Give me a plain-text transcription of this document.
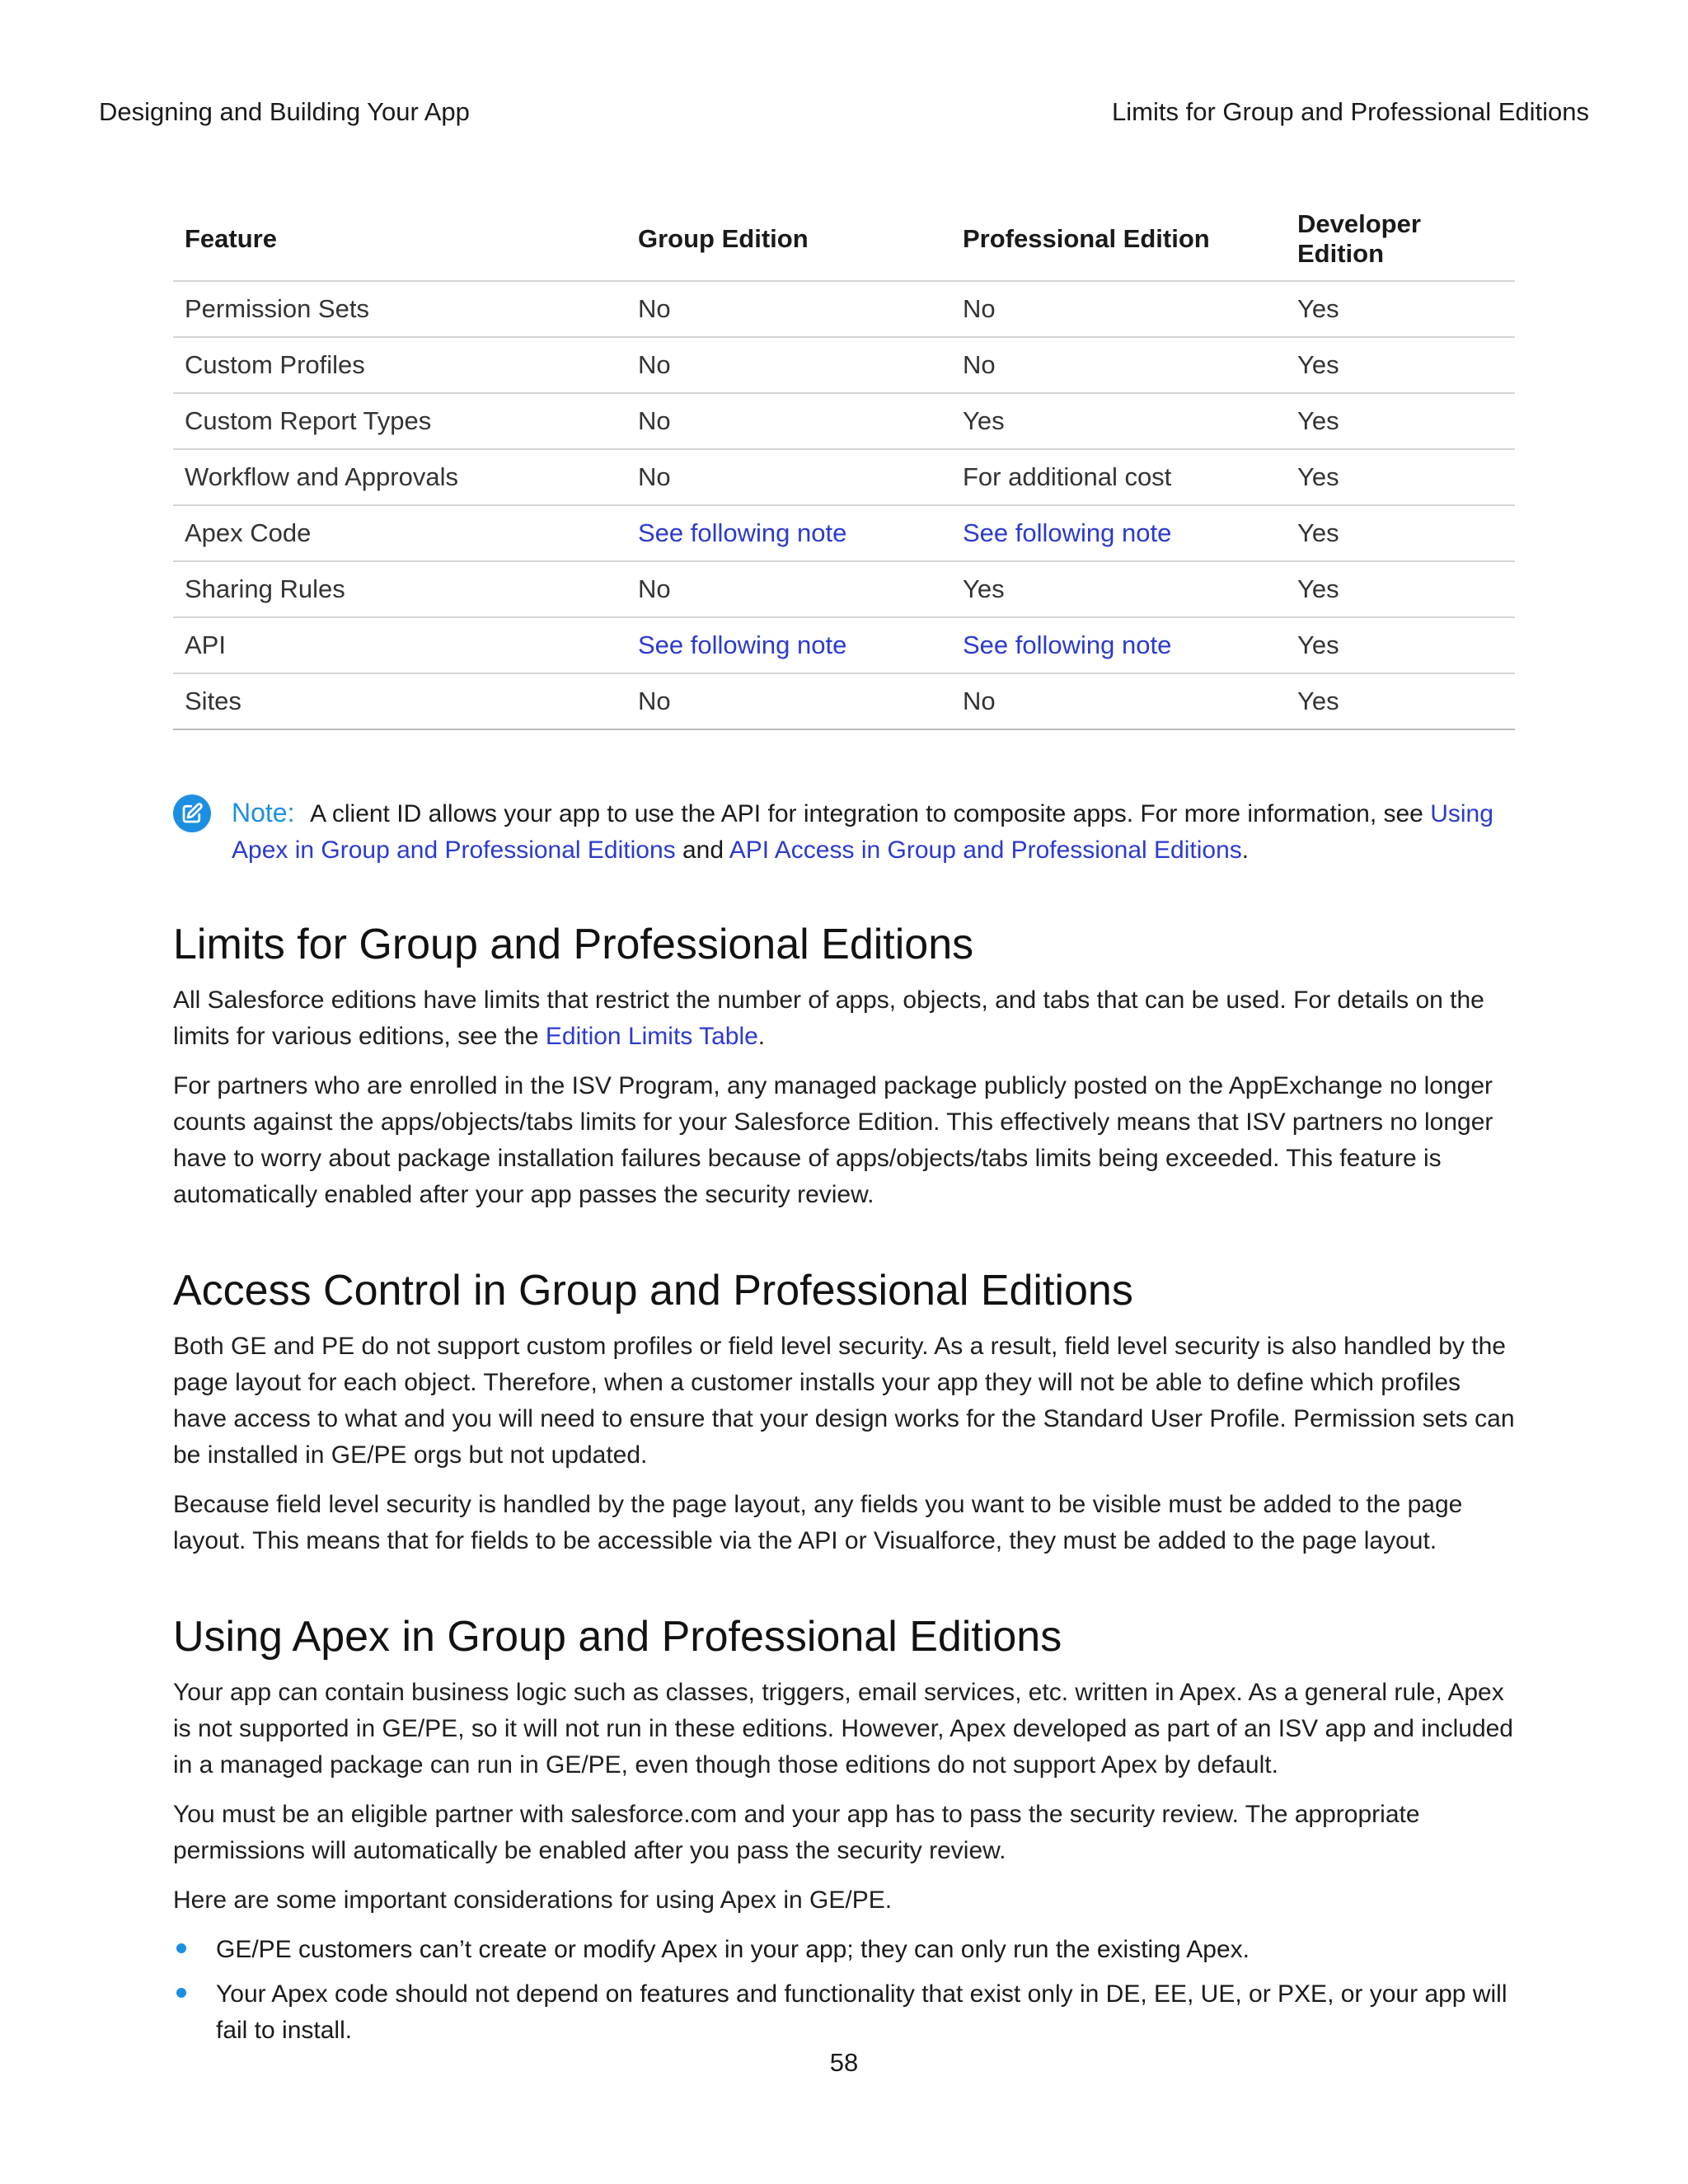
Designing and Building Your App	Limits for Group and Professional Editions
Feature	Group Edition	Professional Edition	Developer Edition
Permission Sets	No	No	Yes
Custom Profiles	No	No	Yes
Custom Report Types	No	Yes	Yes
Workflow and Approvals	No	For additional cost	Yes
Apex Code	See following note	See following note	Yes
Sharing Rules	No	Yes	Yes
API	See following note	See following note	Yes
Sites	No	No	Yes
Note: A client ID allows your app to use the API for integration to composite apps. For more information, see Using Apex in Group and Professional Editions and API Access in Group and Professional Editions.
Limits for Group and Professional Editions

All Salesforce editions have limits that restrict the number of apps, objects, and tabs that can be used. For details on the limits for various editions, see the Edition Limits Table.

For partners who are enrolled in the ISV Program, any managed package publicly posted on the AppExchange no longer counts against the apps/objects/tabs limits for your Salesforce Edition. This effectively means that ISV partners no longer have to worry about package installation failures because of apps/objects/tabs limits being exceeded. This feature is automatically enabled after your app passes the security review.

Access Control in Group and Professional Editions

Both GE and PE do not support custom profiles or field level security. As a result, field level security is also handled by the page layout for each object. Therefore, when a customer installs your app they will not be able to define which profiles have access to what and you will need to ensure that your design works for the Standard User Profile. Permission sets can be installed in GE/PE orgs but not updated.

Because field level security is handled by the page layout, any fields you want to be visible must be added to the page layout. This means that for fields to be accessible via the API or Visualforce, they must be added to the page layout.

Using Apex in Group and Professional Editions

Your app can contain business logic such as classes, triggers, email services, etc. written in Apex. As a general rule, Apex is not supported in GE/PE, so it will not run in these editions. However, Apex developed as part of an ISV app and included in a managed package can run in GE/PE, even though those editions do not support Apex by default.

You must be an eligible partner with salesforce.com and your app has to pass the security review. The appropriate permissions will automatically be enabled after you pass the security review.

Here are some important considerations for using Apex in GE/PE.

GE/PE customers can’t create or modify Apex in your app; they can only run the existing Apex.
Your Apex code should not depend on features and functionality that exist only in DE, EE, UE, or PXE, or your app will fail to install.
58
